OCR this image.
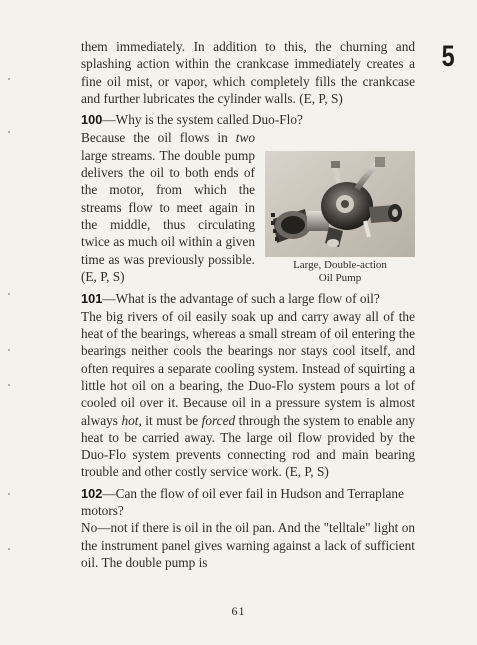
5

them immediately. In addition to this, the churning and splashing action within the crankcase immediately creates a fine oil mist, or vapor, which completely fills the crankcase and further lubricates the cylinder walls. (E, P, S)

100—Why is the system called Duo-Flo?

Because the oil flows in two large streams. The double pump delivers the oil to both ends of the motor, from which the streams flow to meet again in the middle, thus circulating twice as much oil within a given time as was previously possible. (E, P, S)

Large, Double-action
Oil Pump

101—What is the advantage of such a large flow of oil?

The big rivers of oil easily soak up and carry away all of the heat of the bearings, whereas a small stream of oil entering the bearings neither cools the bearings nor stays cool itself, and often requires a separate cooling system. Instead of squirting a little hot oil on a bearing, the Duo-Flo system pours a lot of cooled oil over it. Because oil in a pressure system is almost always hot, it must be forced through the system to enable any heat to be carried away. The large oil flow provided by the Duo-Flo system prevents connecting rod and main bearing trouble and other costly service work. (E, P, S)

102—Can the flow of oil ever fail in Hudson and Terraplane motors?

No—not if there is oil in the oil pan. And the "telltale" light on the instrument panel gives warning against a lack of sufficient oil. The double pump is

61
